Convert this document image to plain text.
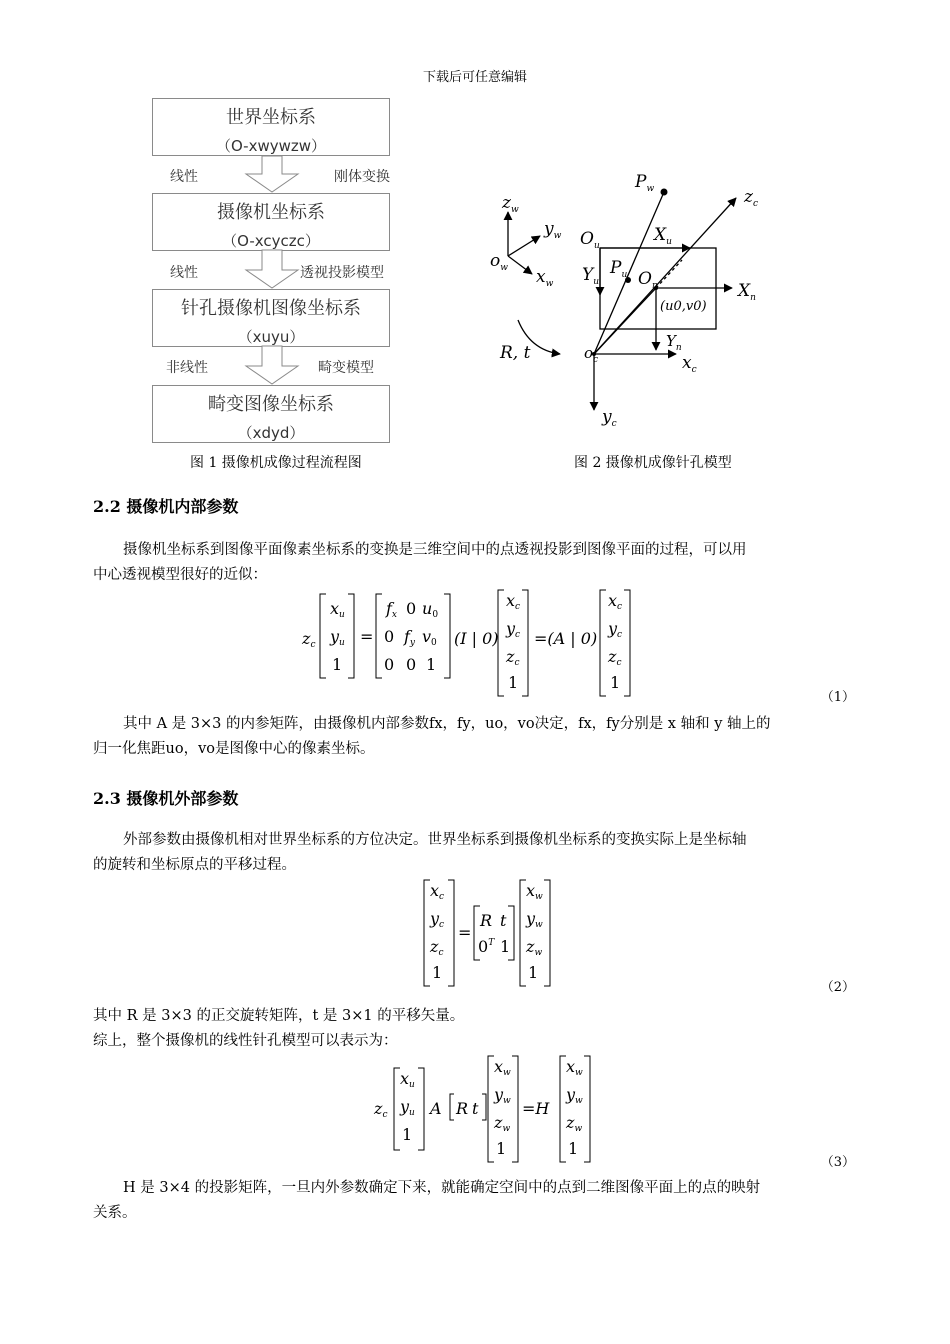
下载后可任意编辑
世界坐标系
（O-xwywzw）
摄像机坐标系
（O-xcyczc）
针孔摄像机图像坐标系
（xuyu）
畸变图像坐标系
（xdyd）
线性	刚体变换
线性	透视投影模型
非线性	畸变模型
$P_w$	$z_c$
$z_w$
$y_w$
$o_w$ $x_w$
$O_u$
$X_u$
$Y_u$
$P_u$ $O_n$	$X_n$
(u0,v0)
$Y_n$
$o_c$	$x_c$
$y_c$
R, t
图 1 摄像机成像过程流程图	图 2 摄像机成像针孔模型
2.2 摄像机内部参数
摄像机坐标系到图像平面像素坐标系的变换是三维空间中的点透视投影到图像平面的过程，可以用
中心透视模型很好的近似：
zc
xu
yu
1
=
fx 0 u0
0 fy v0
0 0 1
(I | 0)
xc
yc
zc
1
=(A | 0)
xc
yc
zc
1
（1）
其中 A 是 3×3 的内参矩阵，由摄像机内部参数fx，fy，uo，vo决定，fx，fy分别是 x 轴和 y 轴上的
归一化焦距uo，vo是图像中心的像素坐标。
2.3 摄像机外部参数
外部参数由摄像机相对世界坐标系的方位决定。世界坐标系到摄像机坐标系的变换实际上是坐标轴
的旋转和坐标原点的平移过程。
xc
yc
zc
1
=
R t
$0^T$ 1
xw
yw
zw
1
（2）
其中 R 是 3×3 的正交旋转矩阵，t 是 3×1 的平移矢量。
综上，整个摄像机的线性针孔模型可以表示为：
zc
xu
yu
1
A R t
xw
yw
zw
1
=H
xw
yw
zw
1
（3）
H 是 3×4 的投影矩阵，一旦内外参数确定下来，就能确定空间中的点到二维图像平面上的点的映射
关系。
